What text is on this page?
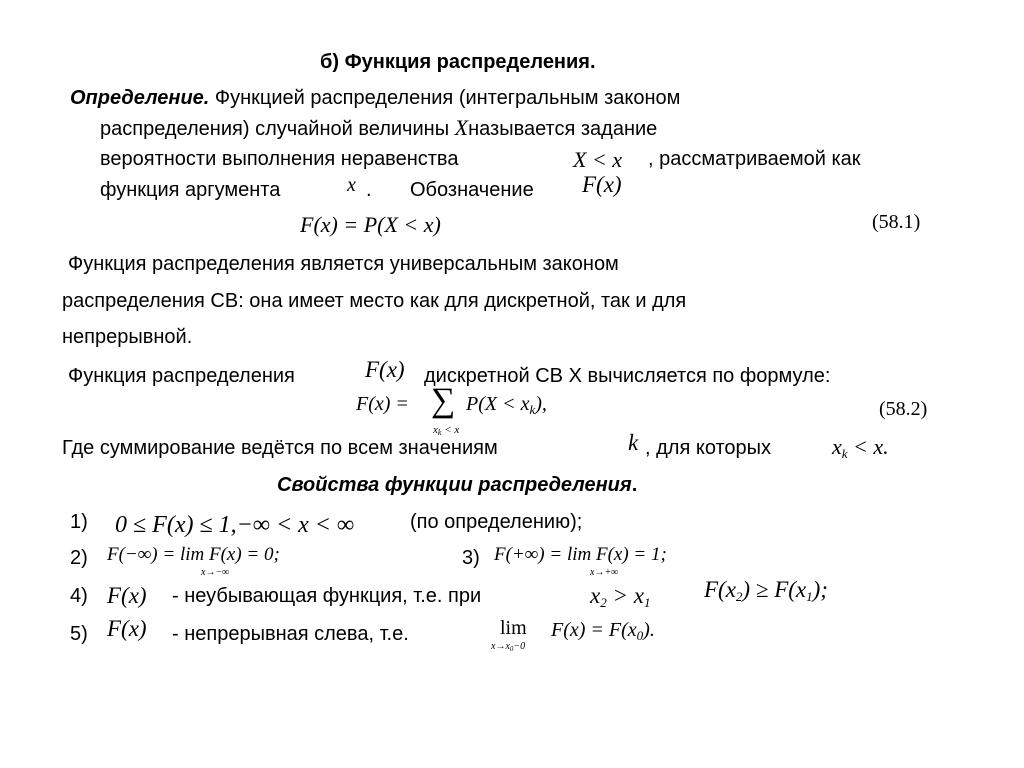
б) Функция распределения.
Определение. Функцией распределения (интегральным законом
распределения) случайной величины Xназывается задание
вероятности выполнения неравенства	X < x , рассматриваемой как
функция аргумента	x . Обозначение F(x)
F(x) = P(X < x)	(58.1)
Функция распределения является универсальным законом
распределения СВ: она имеет место как для дискретной, так и для
непрерывной.
Функция распределения	F(x) дискретной СВ X вычисляется по формуле:
F(x) = ∑ $P(X < x_k)$,
$x_k < x$
(58.2)
Где суммирование ведётся по всем значениям	k , для которых	$x_k < x$.
Свойства функции распределения.
1) 0 ≤ F(x) ≤ 1,−∞ < x < ∞	(по определению);
2) F(−∞) = lim F(x) = 0;
x→−∞
3) F(+∞) = lim F(x) = 1;
x→+∞
4) F(x) - неубывающая функция, т.е. при	$x_2 > x_1$
$F(x_2) \ge F(x_1)$;
5) F(x) - непрерывная слева, т.е.	$\lim F(x) = F(x_0)$.
$x\to x_0-0$
